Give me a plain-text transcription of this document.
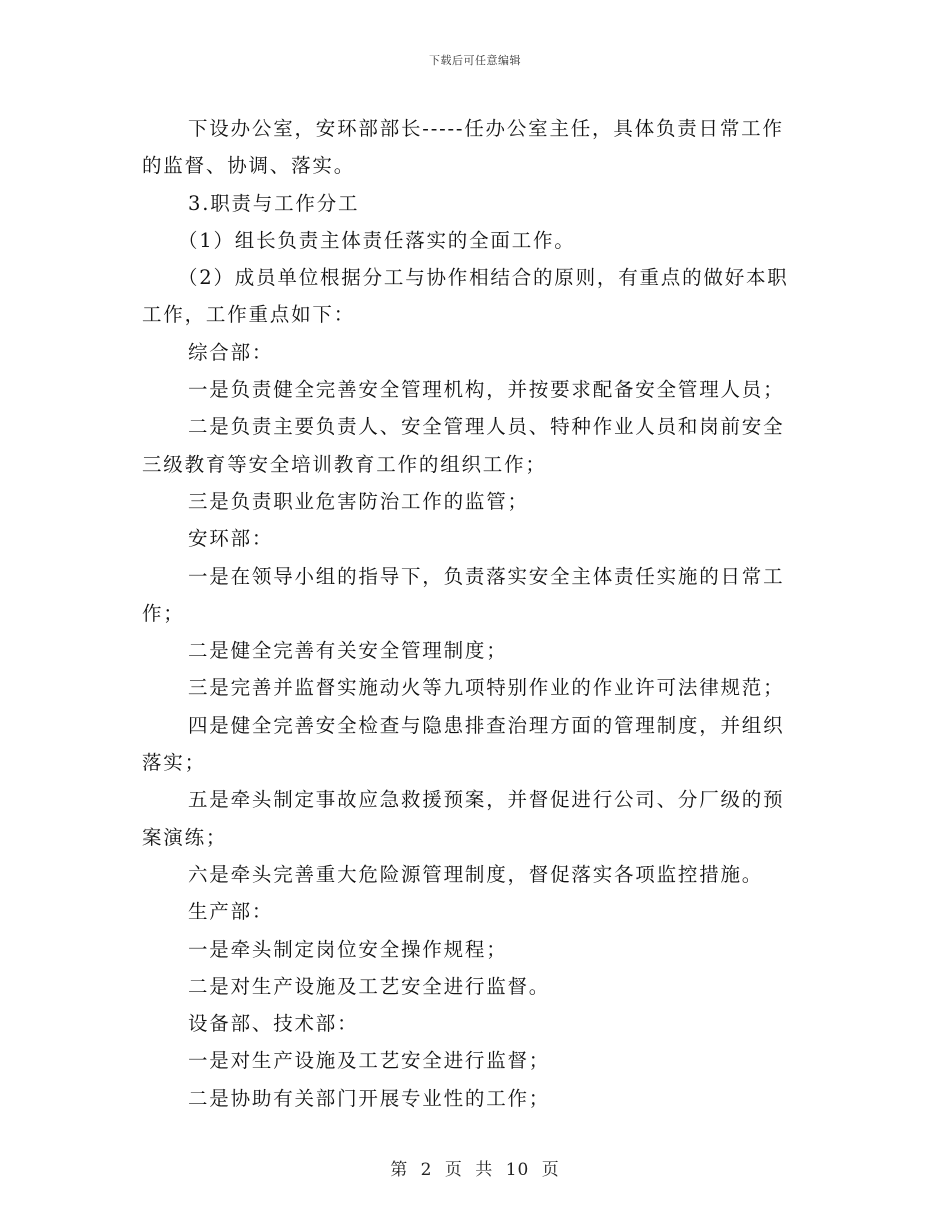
下载后可任意编辑
下设办公室，安环部部长-----任办公室主任，具体负责日常工作
的监督、协调、落实。
3.职责与工作分工
（1）组长负责主体责任落实的全面工作。
（2）成员单位根据分工与协作相结合的原则，有重点的做好本职
工作，工作重点如下：
综合部：
一是负责健全完善安全管理机构，并按要求配备安全管理人员；
二是负责主要负责人、安全管理人员、特种作业人员和岗前安全
三级教育等安全培训教育工作的组织工作；
三是负责职业危害防治工作的监管；
安环部：
一是在领导小组的指导下，负责落实安全主体责任实施的日常工
作；
二是健全完善有关安全管理制度；
三是完善并监督实施动火等九项特别作业的作业许可法律规范；
四是健全完善安全检查与隐患排查治理方面的管理制度，并组织
落实；
五是牵头制定事故应急救援预案，并督促进行公司、分厂级的预
案演练；
六是牵头完善重大危险源管理制度，督促落实各项监控措施。
生产部：
一是牵头制定岗位安全操作规程；
二是对生产设施及工艺安全进行监督。
设备部、技术部：
一是对生产设施及工艺安全进行监督；
二是协助有关部门开展专业性的工作；
第 2 页 共 10 页
